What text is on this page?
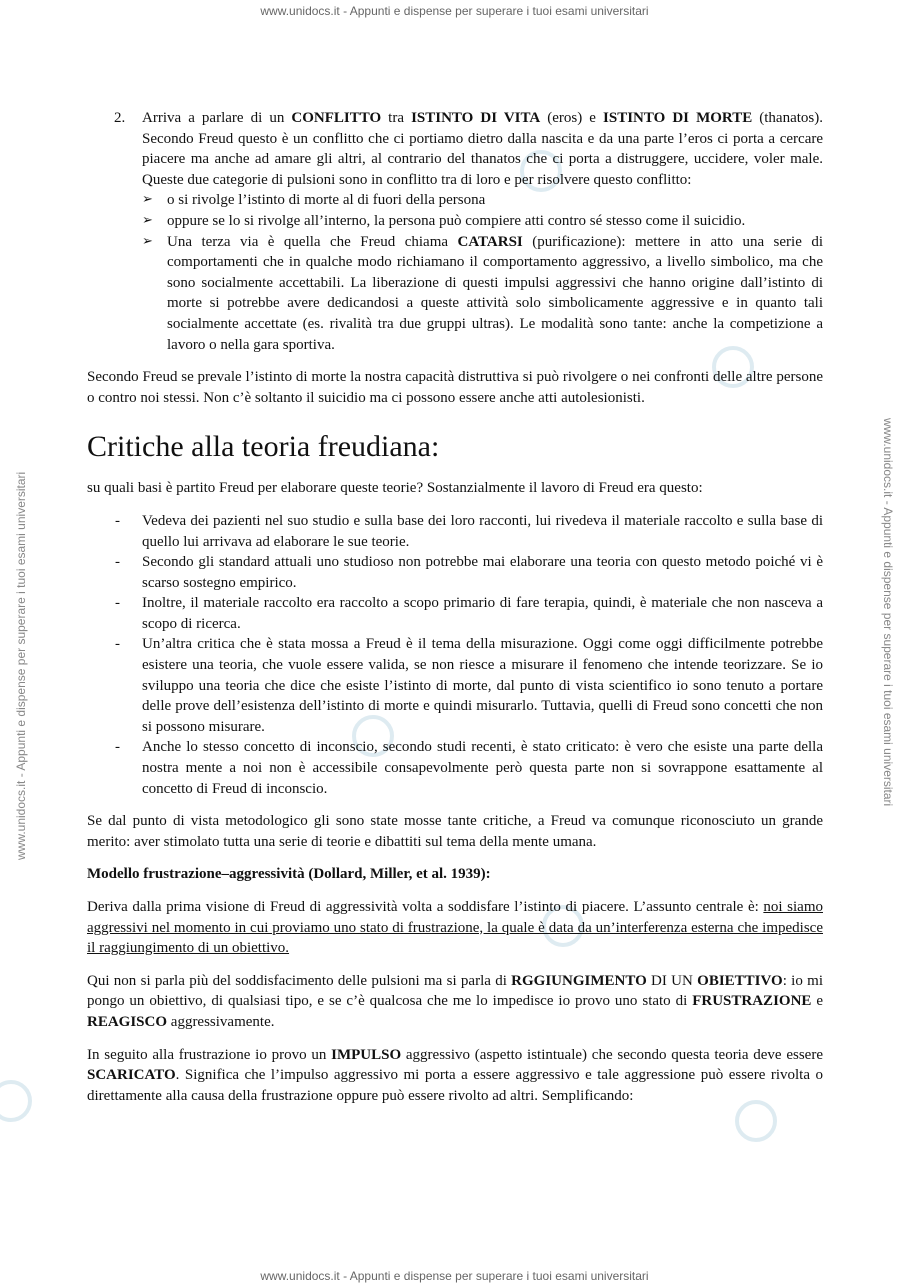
www.unidocs.it - Appunti e dispense per superare i tuoi esami universitari
www.unidocs.it - Appunti e dispense per superare i tuoi esami universitari	www.unidocs.it - Appunti e dispense per superare i tuoi esami universitari

2. Arriva a parlare di un CONFLITTO tra ISTINTO DI VITA (eros) e ISTINTO DI MORTE (thanatos). Secondo Freud questo è un conflitto che ci portiamo dietro dalla nascita e da una parte l’eros ci porta a cercare piacere ma anche ad amare gli altri, al contrario del thanatos che ci porta a distruggere, uccidere, voler male. Queste due categorie di pulsioni sono in conflitto tra di loro e per risolvere questo conflitto:

➢ o si rivolge l’istinto di morte al di fuori della persona
➢ oppure se lo si rivolge all’interno, la persona può compiere atti contro sé stesso come il suicidio.
➢ Una terza via è quella che Freud chiama CATARSI (purificazione): mettere in atto una serie di comportamenti che in qualche modo richiamano il comportamento aggressivo, a livello simbolico, ma che sono socialmente accettabili. La liberazione di questi impulsi aggressivi che hanno origine dall’istinto di morte si potrebbe avere dedicandosi a queste attività solo simbolicamente aggressive e in quanto tali socialmente accettate (es. rivalità tra due gruppi ultras). Le modalità sono tante: anche la competizione a lavoro o nella gara sportiva.

Secondo Freud se prevale l’istinto di morte la nostra capacità distruttiva si può rivolgere o nei confronti delle altre persone o contro noi stessi. Non c’è soltanto il suicidio ma ci possono essere anche atti autolesionisti.

Critiche alla teoria freudiana:

su quali basi è partito Freud per elaborare queste teorie? Sostanzialmente il lavoro di Freud era questo:

- Vedeva dei pazienti nel suo studio e sulla base dei loro racconti, lui rivedeva il materiale raccolto e sulla base di quello lui arrivava ad elaborare le sue teorie.
- Secondo gli standard attuali uno studioso non potrebbe mai elaborare una teoria con questo metodo poiché vi è scarso sostegno empirico.
- Inoltre, il materiale raccolto era raccolto a scopo primario di fare terapia, quindi, è materiale che non nasceva a scopo di ricerca.
- Un’altra critica che è stata mossa a Freud è il tema della misurazione. Oggi come oggi difficilmente potrebbe esistere una teoria, che vuole essere valida, se non riesce a misurare il fenomeno che intende teorizzare. Se io sviluppo una teoria che dice che esiste l’istinto di morte, dal punto di vista scientifico io sono tenuto a portare delle prove dell’esistenza dell’istinto di morte e quindi misurarlo. Tuttavia, quelli di Freud sono concetti che non si possono misurare.
- Anche lo stesso concetto di inconscio, secondo studi recenti, è stato criticato: è vero che esiste una parte della nostra mente a noi non è accessibile consapevolmente però questa parte non si sovrappone esattamente al concetto di Freud di inconscio.

Se dal punto di vista metodologico gli sono state mosse tante critiche, a Freud va comunque riconosciuto un grande merito: aver stimolato tutta una serie di teorie e dibattiti sul tema della mente umana.

Modello frustrazione–aggressività (Dollard, Miller, et al. 1939):

Deriva dalla prima visione di Freud di aggressività volta a soddisfare l’istinto di piacere. L’assunto centrale è: noi siamo aggressivi nel momento in cui proviamo uno stato di frustrazione, la quale è data da un’interferenza esterna che impedisce il raggiungimento di un obiettivo.

Qui non si parla più del soddisfacimento delle pulsioni ma si parla di RGGIUNGIMENTO DI UN OBIETTIVO: io mi pongo un obiettivo, di qualsiasi tipo, e se c’è qualcosa che me lo impedisce io provo uno stato di FRUSTRAZIONE e REAGISCO aggressivamente.

In seguito alla frustrazione io provo un IMPULSO aggressivo (aspetto istintuale) che secondo questa teoria deve essere SCARICATO. Significa che l’impulso aggressivo mi porta a essere aggressivo e tale aggressione può essere rivolta o direttamente alla causa della frustrazione oppure può essere rivolto ad altri. Semplificando:

www.unidocs.it - Appunti e dispense per superare i tuoi esami universitari
